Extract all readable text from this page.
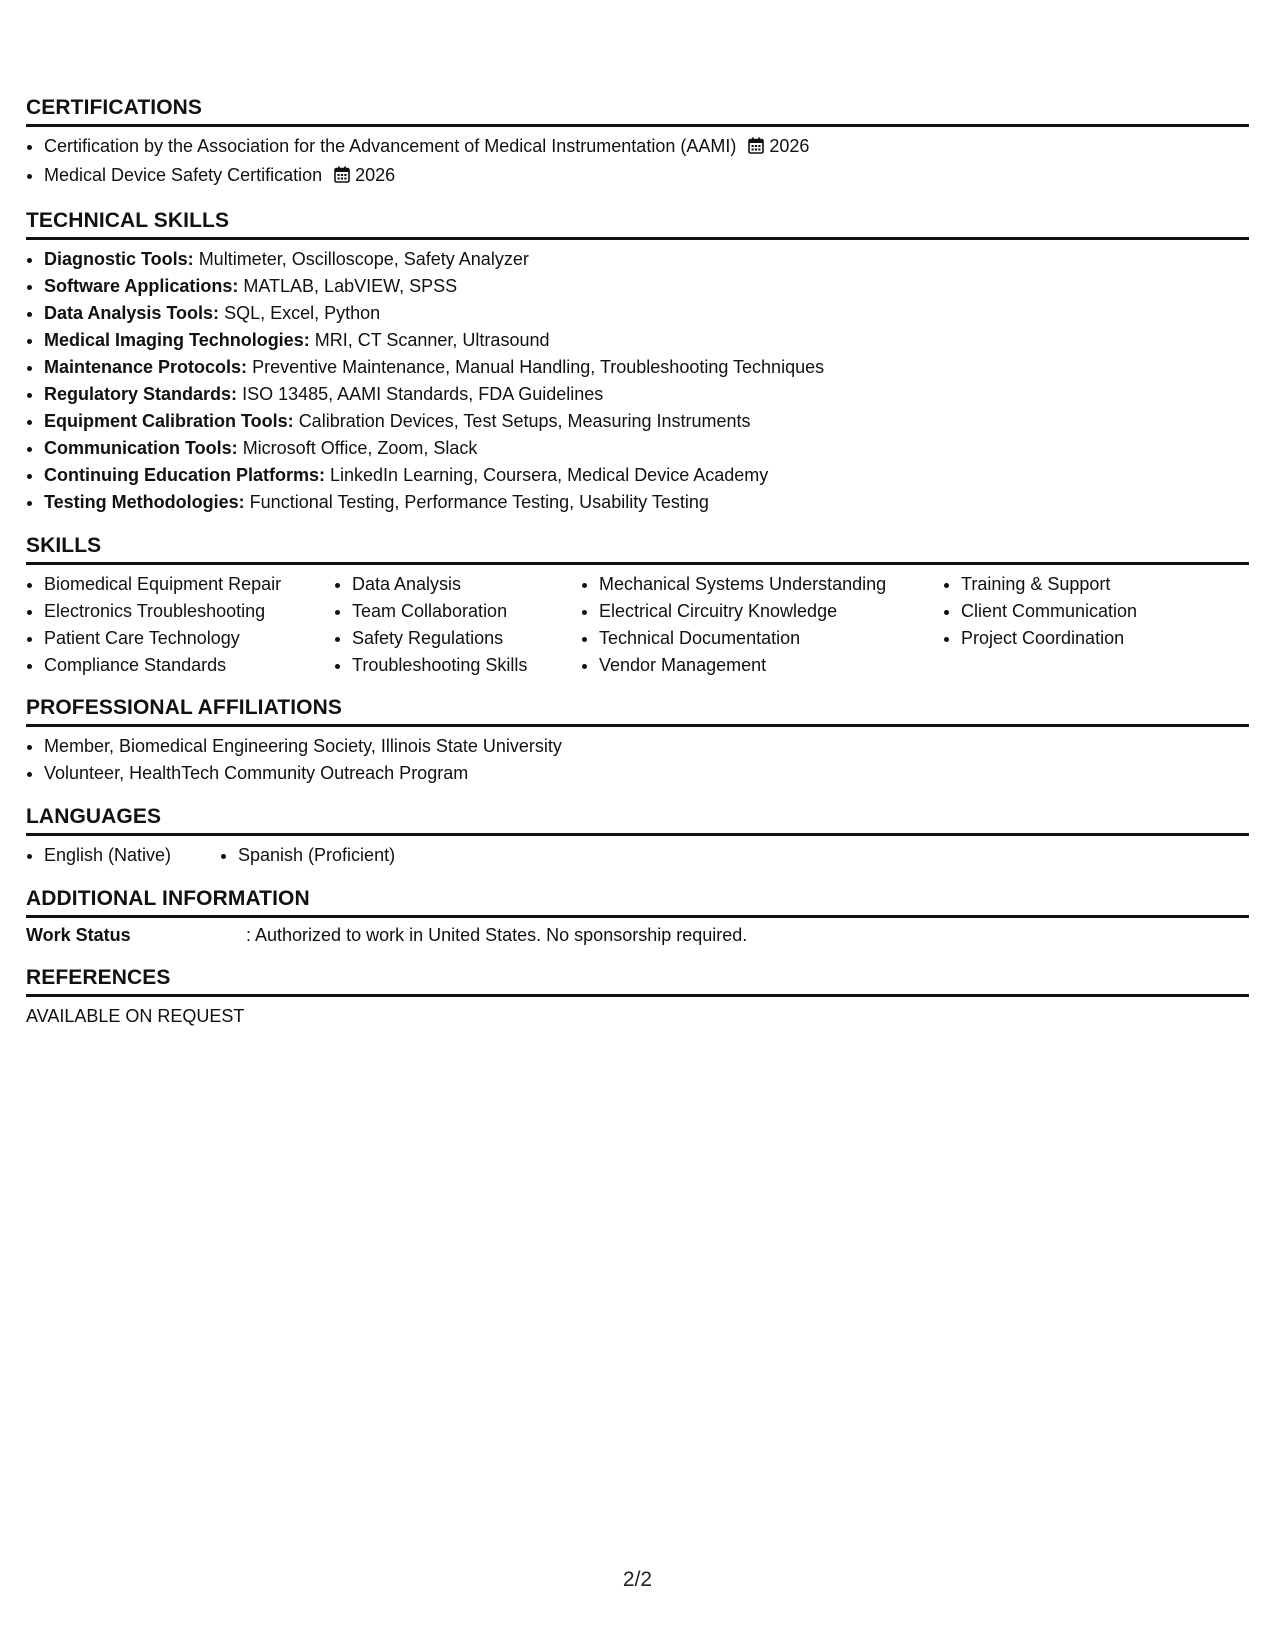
CERTIFICATIONS
• Certification by the Association for the Advancement of Medical Instrumentation (AAMI) 2026
• Medical Device Safety Certification 2026
TECHNICAL SKILLS
• Diagnostic Tools: Multimeter, Oscilloscope, Safety Analyzer
• Software Applications: MATLAB, LabVIEW, SPSS
• Data Analysis Tools: SQL, Excel, Python
• Medical Imaging Technologies: MRI, CT Scanner, Ultrasound
• Maintenance Protocols: Preventive Maintenance, Manual Handling, Troubleshooting Techniques
• Regulatory Standards: ISO 13485, AAMI Standards, FDA Guidelines
• Equipment Calibration Tools: Calibration Devices, Test Setups, Measuring Instruments
• Communication Tools: Microsoft Office, Zoom, Slack
• Continuing Education Platforms: LinkedIn Learning, Coursera, Medical Device Academy
• Testing Methodologies: Functional Testing, Performance Testing, Usability Testing
SKILLS
• Biomedical Equipment Repair
• Electronics Troubleshooting
• Patient Care Technology
• Compliance Standards
• Data Analysis
• Team Collaboration
• Safety Regulations
• Troubleshooting Skills
• Mechanical Systems Understanding
• Electrical Circuitry Knowledge
• Technical Documentation
• Vendor Management
• Training & Support
• Client Communication
• Project Coordination
PROFESSIONAL AFFILIATIONS
• Member, Biomedical Engineering Society, Illinois State University
• Volunteer, HealthTech Community Outreach Program
LANGUAGES
• English (Native)
•	Spanish (Proficient)
ADDITIONAL INFORMATION
Work Status	: Authorized to work in United States. No sponsorship required.
REFERENCES
AVAILABLE ON REQUEST
2/2
